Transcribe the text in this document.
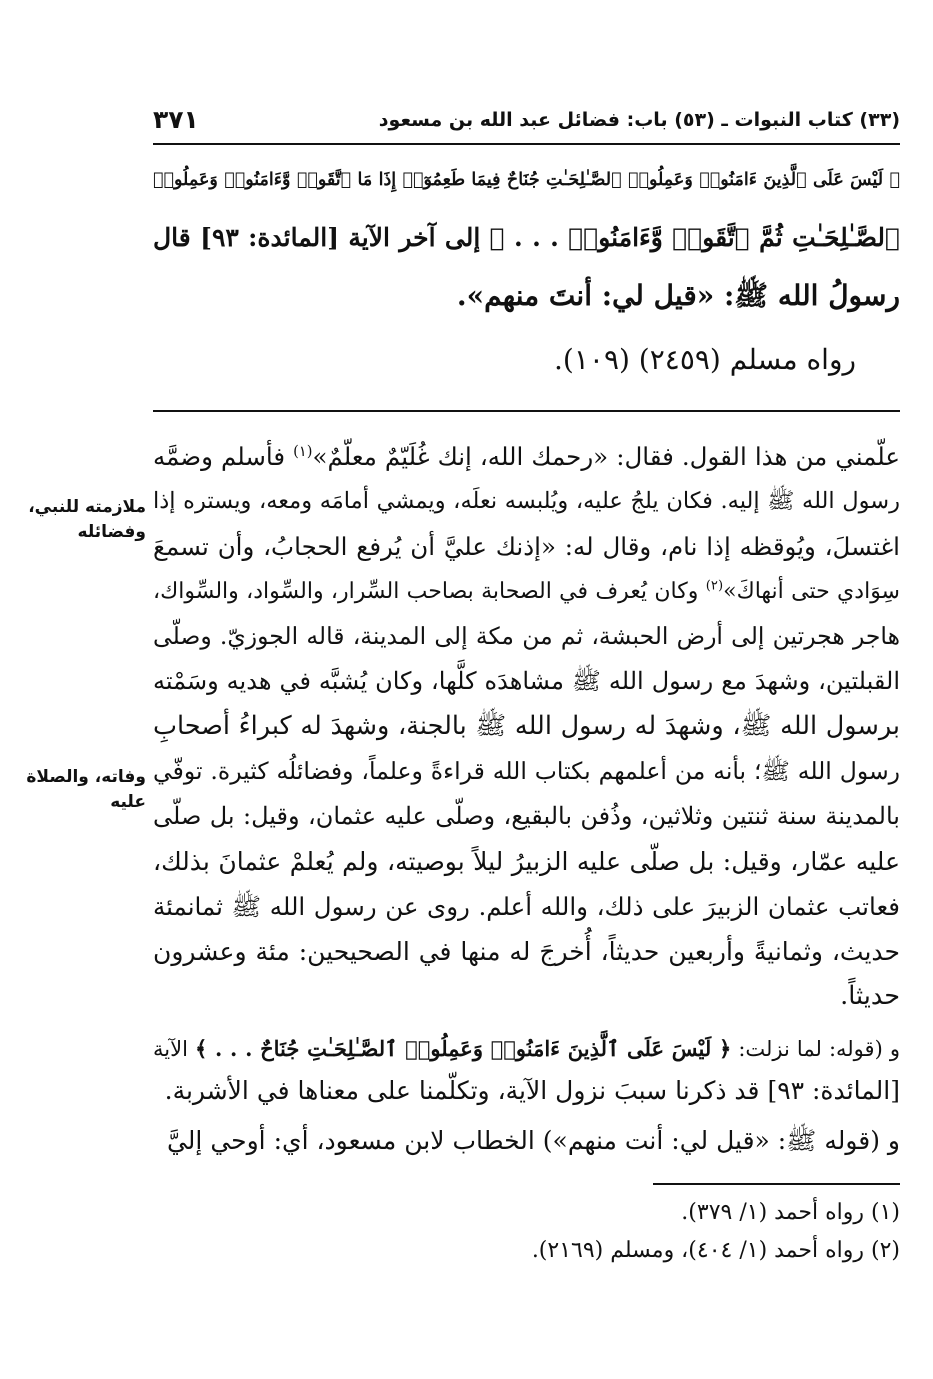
(٣٣) كتاب النبوات ـ (٥٣) باب: فضائل عبد الله بن مسعود
٣٧١
﴿ لَيْسَ عَلَى ٱلَّذِينَ ءَامَنُوا۟ وَعَمِلُوا۟ ٱلصَّـٰلِحَـٰتِ جُنَاحٌ فِيمَا طَعِمُوٓا۟ إِذَا مَا ٱتَّقَوا۟ وَّءَامَنُوا۟ وَعَمِلُوا۟
ٱلصَّـٰلِحَـٰتِ ثُمَّ ٱتَّقَوا۟ وَّءَامَنُوا۟ . . . ﴾ إلى آخر الآية [المائدة: ٩٣] قال
رسولُ الله ﷺ: «قيل لي: أنتَ منهم».
رواه مسلم (٢٤٥٩) (١٠٩).
علّمني من هذا القول. فقال: «رحمك الله، إنك غُلَيّمٌ معلّمٌ»$^{(١)}$ فأسلم وضمَّه
رسول الله ﷺ إليه. فكان يلجُ عليه، ويُلبسه نعلَه، ويمشي أمامَه ومعه، ويستره إذا
اغتسلَ، ويُوقظه إذا نام، وقال له: «إذنك عليَّ أن يُرفع الحجابُ، وأن تسمعَ
سِوَادي حتى أنهاكَ»$^{(٢)}$ وكان يُعرف في الصحابة بصاحب السِّرار، والسِّواد، والسِّواك،
هاجر هجرتين إلى أرض الحبشة، ثم من مكة إلى المدينة، قاله الجوزيّ. وصلّى
القبلتين، وشهدَ مع رسول الله ﷺ مشاهدَه كلَّها، وكان يُشبَّه في هديه وسَمْته
برسول الله ﷺ، وشهدَ له رسول الله ﷺ بالجنة، وشهدَ له كبراءُ أصحابِ
رسول الله ﷺ؛ بأنه من أعلمهم بكتاب الله قراءةً وعلماً، وفضائلُه كثيرة. توفّي
بالمدينة سنة ثنتين وثلاثين، وذُفن بالبقيع، وصلّى عليه عثمان، وقيل: بل صلّى
عليه عمّار، وقيل: بل صلّى عليه الزبيرُ ليلاً بوصيته، ولم يُعلمْ عثمانَ بذلك،
فعاتب عثمان الزبيرَ على ذلك، والله أعلم. روى عن رسول الله ﷺ ثمانمئة
حديث، وثمانيةً وأربعين حديثاً، أُخرجَ له منها في الصحيحين: مئة وعشرون
حديثاً.
ملازمته للنبي، وفضائله
وفاته، والصلاة عليه
و (قوله: لما نزلت: ﴿ لَيْسَ عَلَى ٱلَّذِينَ ءَامَنُوا۟ وَعَمِلُوا۟ ٱلصَّـٰلِحَـٰتِ جُنَاحٌ . . . ﴾ الآية
[المائدة: ٩٣] قد ذكرنا سببَ نزول الآية، وتكلّمنا على معناها في الأشربة.
و (قوله ﷺ: «قيل لي: أنت منهم») الخطاب لابن مسعود، أي: أوحي إليَّ
(١) رواه أحمد (١/ ٣٧٩).
(٢) رواه أحمد (١/ ٤٠٤)، ومسلم (٢١٦٩).
